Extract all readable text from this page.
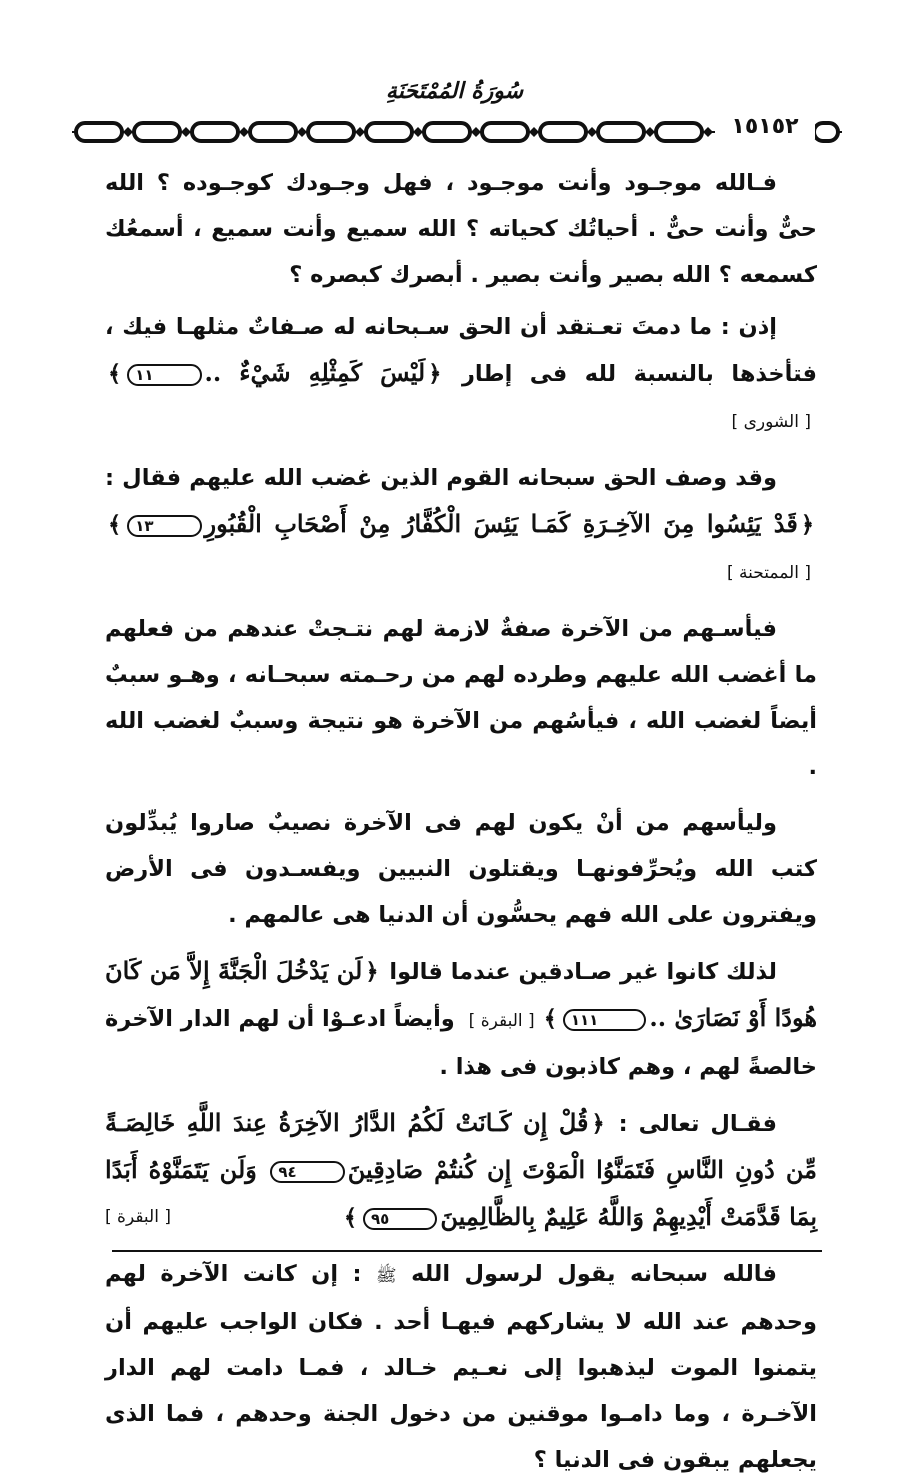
سُورَةُ المُمْتَحَنَةِ
١٥١٥٢

فـالله موجـود وأنت موجـود ، فهل وجـودك كوجـوده ؟ الله حىٌّ وأنت حىٌّ . أحياتُك كحياته ؟ الله سميع وأنت سميع ، أسمعُك كسمعه ؟ الله بصير وأنت بصير . أبصرك كبصره ؟

إذن : ما دمتَ تعـتقد أن الحق سـبحانه له صـفاتٌ مثلهـا فيك ، فتأخذها بالنسبة لله فى إطار ﴿لَيْسَ كَمِثْلِهِ شَيْءٌ ..١١﴾[ الشورى ]

وقد وصف الحق سبحانه القوم الذين غضب الله عليهم فقال : ﴿قَدْ يَئِسُوا مِنَ الآخِـرَةِ كَمَـا يَئِسَ الْكُفَّارُ مِنْ أَصْحَابِ الْقُبُورِ١٣﴾[ الممتحنة ]

فيأسـهم من الآخرة صفةٌ لازمة لهم نتـجتْ عندهم من فعلهم ما أغضب الله عليهم وطرده لهم من رحـمته سبحـانه ، وهـو سببٌ أيضاً لغضب الله ، فيأسُهم من الآخرة هو نتيجة وسببٌ لغضب الله .

وليأسهم من أنْ يكون لهم فى الآخرة نصيبٌ صاروا يُبدِّلون كتب الله ويُحرِّفونهـا ويقتلون النبيين ويفسـدون فى الأرض ويفترون على الله فهم يحسُّون أن الدنيا هى عالمهم .

لذلك كانوا غير صـادقين عندما قالوا ﴿لَن يَدْخُلَ الْجَنَّةَ إِلاَّ مَن كَانَ هُودًا أَوْ نَصَارَىٰ ..١١١﴾[ البقرة ] وأيضاً ادعـوْا أن لهم الدار الآخرة خالصةً لهم ، وهم كاذبون فى هذا .

فقـال تعالى : ﴿قُلْ إِن كَـانَتْ لَكُمُ الدَّارُ الآخِرَةُ عِندَ اللَّهِ خَالِصَـةً مِّن دُونِ النَّاسِ فَتَمَنَّوُا الْمَوْتَ إِن كُنتُمْ صَادِقِينَ٩٤ وَلَن يَتَمَنَّوْهُ أَبَدًا بِمَا قَدَّمَتْ أَيْدِيهِمْ وَاللَّهُ عَلِيمٌ بِالظَّالِمِينَ٩٥﴾
[ البقرة ]

فالله سبحانه يقول لرسول الله ﷺ : إن كانت الآخرة لهم وحدهم عند الله لا يشاركهم فيهـا أحد . فكان الواجب عليهم أن يتمنوا الموت ليذهبوا إلى نعـيم خـالد ، فمـا دامت لهم الدار الآخـرة ، وما دامـوا موقنين من دخول الجنة وحدهم ، فما الذى يجعلهم يبقون فى الدنيا ؟
